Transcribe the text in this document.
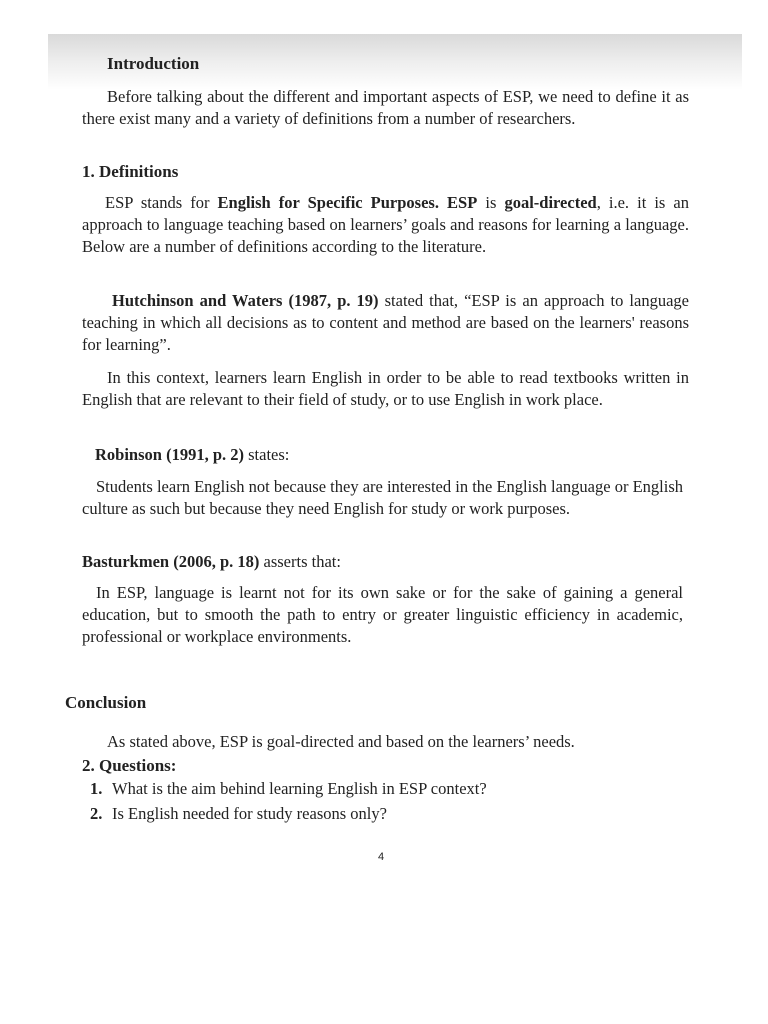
Introduction

Before talking about the different and important aspects of ESP, we need to define it as there exist many and a variety of definitions from a number of researchers.

1. Definitions

ESP stands for English for Specific Purposes. ESP is goal-directed, i.e. it is an approach to language teaching based on learners’ goals and reasons for learning a language. Below are a number of definitions according to the literature.

Hutchinson and Waters (1987, p. 19) stated that, “ESP is an approach to language teaching in which all decisions as to content and method are based on the learners' reasons for learning”.

In this context, learners learn English in order to be able to read textbooks written in English that are relevant to their field of study, or to use English in work place.

Robinson (1991, p. 2) states:

Students learn English not because they are interested in the English language or English culture as such but because they need English for study or work purposes.

Basturkmen (2006, p. 18) asserts that:

In ESP, language is learnt not for its own sake or for the sake of gaining a general education, but to smooth the path to entry or greater linguistic efficiency in academic, professional or workplace environments.

Conclusion

As stated above, ESP is goal-directed and based on the learners’ needs.

2. Questions:
1. What is the aim behind learning English in ESP context?
2. Is English needed for study reasons only?
4
